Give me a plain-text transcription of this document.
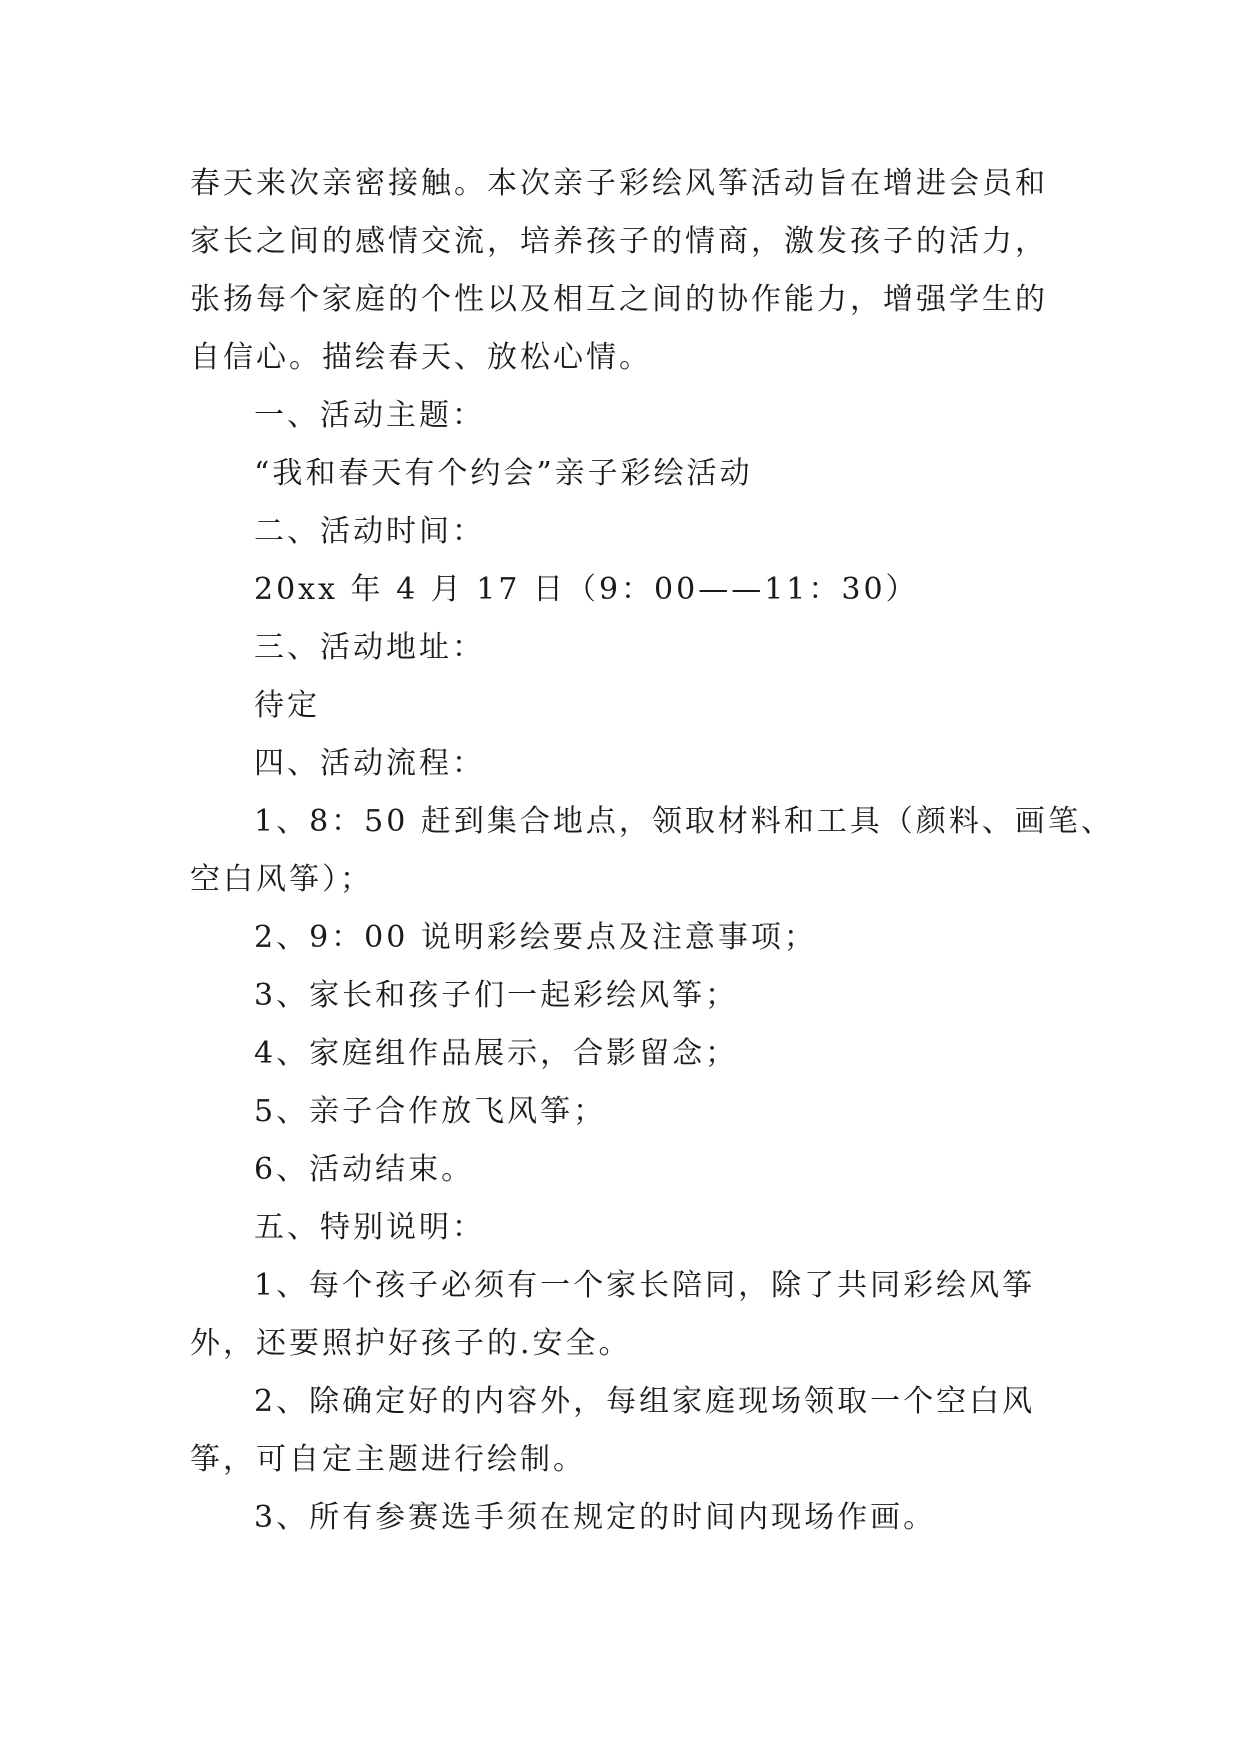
春天来次亲密接触。本次亲子彩绘风筝活动旨在增进会员和

家长之间的感情交流，培养孩子的情商，激发孩子的活力，

张扬每个家庭的个性以及相互之间的协作能力，增强学生的

自信心。描绘春天、放松心情。

一、活动主题：

“我和春天有个约会”亲子彩绘活动

二、活动时间：

20xx 年 4 月 17 日（9：00——11：30）

三、活动地址：

待定

四、活动流程：

1、8：50 赶到集合地点，领取材料和工具（颜料、画笔、

空白风筝）；

2、9：00 说明彩绘要点及注意事项；

3、家长和孩子们一起彩绘风筝；

4、家庭组作品展示，合影留念；

5、亲子合作放飞风筝；

6、活动结束。

五、特别说明：

1、每个孩子必须有一个家长陪同，除了共同彩绘风筝

外，还要照护好孩子的.安全。

2、除确定好的内容外，每组家庭现场领取一个空白风

筝，可自定主题进行绘制。

3、所有参赛选手须在规定的时间内现场作画。
